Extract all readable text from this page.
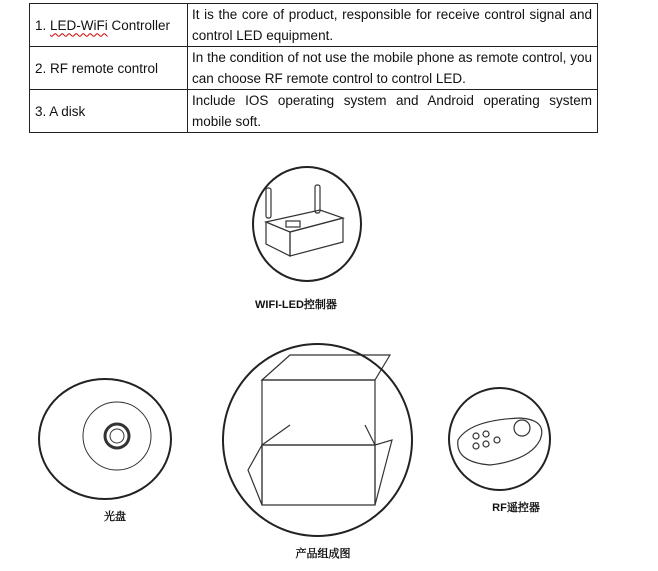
1. LED-WiFi Controller	It is the core of product, responsible for receive control signal and control LED equipment.
2. RF remote control	In the condition of not use the mobile phone as remote control, you can choose RF remote control to control LED.
3. A disk	Include IOS operating system and Android operating system mobile soft.
WIFI-LED控制器
光盘
RF遥控器
产品组成图
